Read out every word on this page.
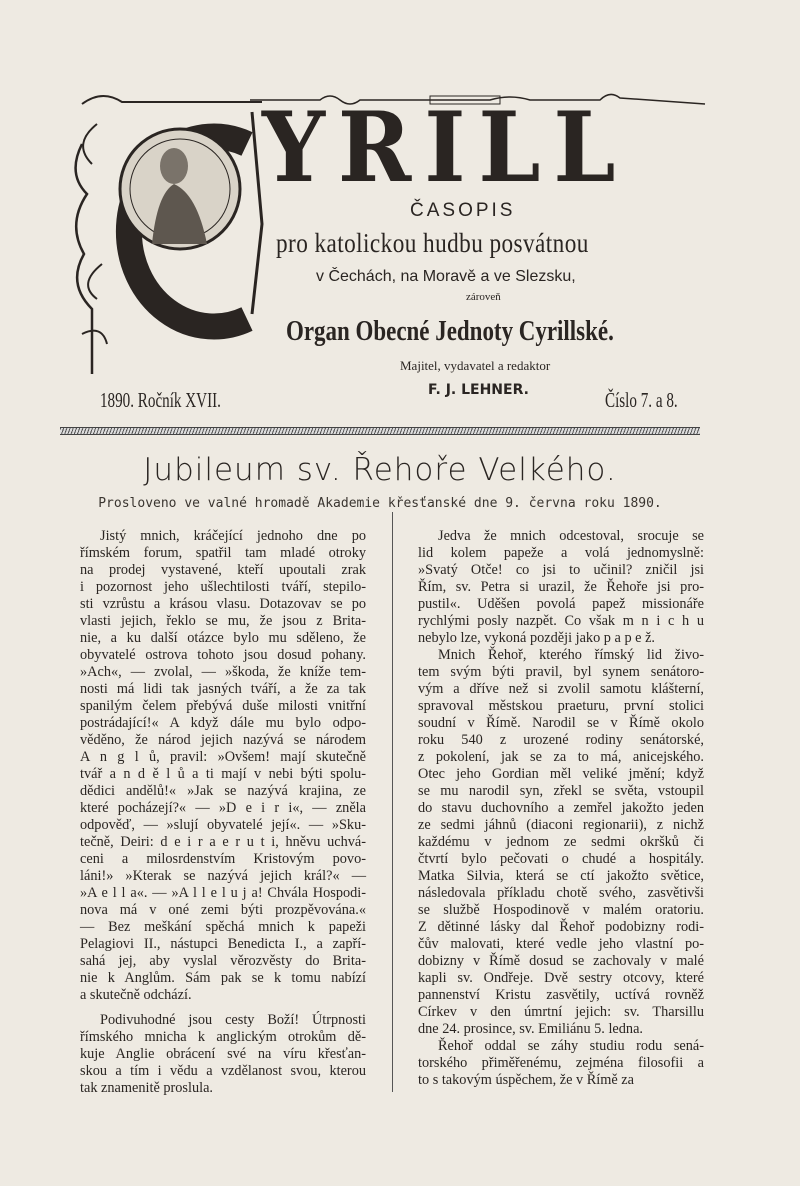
YRILL
ČASOPIS
pro katolickou hudbu posvátnou
v Čechách, na Moravě a ve Slezsku,
zároveň
Organ Obecné Jednoty Cyrillské.
Majitel, vydavatel a redaktor
F. J. LEHNER.
1890. Ročník XVII.	Číslo 7. a 8.
Jubileum sv. Řehoře Velkého.
Prosloveno ve valné hromadě Akademie křesťanské dne 9. června roku 1890.
Jistý mnich, kráčející jednoho dne po
římském forum, spatřil tam mladé otroky
na prodej vystavené, kteří upoutali zrak
i pozornost jeho ušlechtilosti tváří, stepilo-
sti vzrůstu a krásou vlasu. Dotazovav se po
vlasti jejich, řeklo se mu, že jsou z Brita-
nie, a ku další otázce bylo mu sděleno, že
obyvatelé ostrova tohoto jsou dosud pohany.
»Ach«, — zvolal, — »škoda, že kníže tem-
nosti má lidi tak jasných tváří, a že za tak
spanilým čelem přebývá duše milosti vnitřní
postrádající!« A když dále mu bylo odpo-
věděno, že národ jejich nazývá se národem
A n g l ů, pravil: »Ovšem! mají skutečně
tvář a n d ě l ů a ti mají v nebi býti spolu-
dědici andělů!« »Jak se nazývá krajina, ze
které pocházejí?« — »D e i r i«, — zněla
odpověď, — »slují obyvatelé její«. — »Sku-
tečně, Deiri: d e i r a e r u t i, hněvu uchvá-
ceni a milosrdenstvím Kristovým povo-
láni!» »Kterak se nazývá jejich král?« —
»A e l l a«. — »A l l e l u j a! Chvála Hospodi-
nova má v oné zemi býti prozpěvována.«
— Bez meškání spěchá mnich k papeži
Pelagiovi II., nástupci Benedicta I., a zapří-
sahá jej, aby vyslal věrozvěsty do Brita-
nie k Anglům. Sám pak se k tomu nabízí
a skutečně odchází.
Podivuhodné jsou cesty Boží! Útrpnosti
římského mnicha k anglickým otrokům dě-
kuje Anglie obrácení své na víru křesťan-
skou a tím i vědu a vzdělanost svou, kterou
tak znamenitě proslula.
Jedva že mnich odcestoval, srocuje se
lid kolem papeže a volá jednomyslně:
»Svatý Otče! co jsi to učinil? zničil jsi
Řím, sv. Petra si urazil, že Řehoře jsi pro-
pustil«. Uděšen povolá papež missionáře
rychlými posly nazpět. Co však m n i c h u
nebylo lze, vykoná později jako p a p e ž.
Mnich Řehoř, kterého římský lid živo-
tem svým býti pravil, byl synem senátoro-
vým a dříve než si zvolil samotu klášterní,
spravoval městskou praeturu, první stolici
soudní v Římě. Narodil se v Římě okolo
roku 540 z urozené rodiny senátorské,
z pokolení, jak se za to má, anicejského.
Otec jeho Gordian měl veliké jmění; když
se mu narodil syn, zřekl se světa, vstoupil
do stavu duchovního a zemřel jakožto jeden
ze sedmi jáhnů (diaconi regionarii), z nichž
každému v jednom ze sedmi okršků či
čtvrtí bylo pečovati o chudé a hospitály.
Matka Silvia, která se ctí jakožto světice,
následovala příkladu chotě svého, zasvětivši
se službě Hospodinově v malém oratoriu.
Z dětinné lásky dal Řehoř podobizny rodi-
čův malovati, které vedle jeho vlastní po-
dobizny v Římě dosud se zachovaly v malé
kapli sv. Ondřeje. Dvě sestry otcovy, které
pannenství Kristu zasvětily, uctívá rovněž
Církev v den úmrtní jejich: sv. Tharsillu
dne 24. prosince, sv. Emiliánu 5. ledna.
Řehoř oddal se záhy studiu rodu sená-
torského přiměřenému, zejména filosofii a
to s takovým úspěchem, že v Římě za
